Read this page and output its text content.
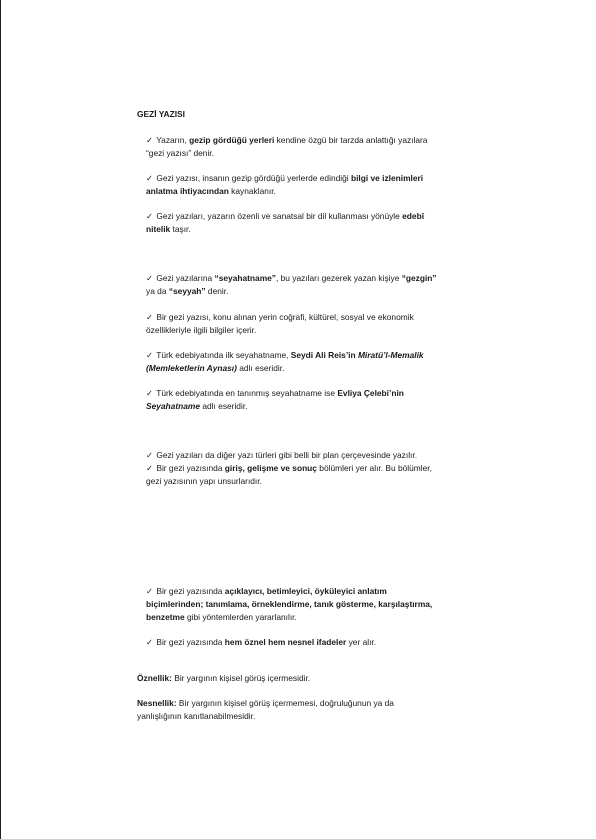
GEZİ YAZISI
✓ Yazarın, gezip gördüğü yerleri kendine özgü bir tarzda anlattığı yazılara “gezi yazısı” denir.
✓ Gezi yazısı, insanın gezip gördüğü yerlerde edindiği bilgi ve izlenimleri anlatma ihtiyacından kaynaklanır.
✓ Gezi yazıları, yazarın özenli ve sanatsal bir dil kullanması yönüyle edebî nitelik taşır.
✓ Gezi yazılarına “seyahatname”, bu yazıları gezerek yazan kişiye “gezgin” ya da “seyyah” denir.
✓ Bir gezi yazısı, konu alınan yerin coğrafi, kültürel, sosyal ve ekonomik özellikleriyle ilgili bilgiler içerir.
✓ Türk edebiyatında ilk seyahatname, Seydi Ali Reis’in Miratü’l-Memalik (Memleketlerin Aynası) adlı eseridir.
✓ Türk edebiyatında en tanınmış seyahatname ise Evliya Çelebi’nin Seyahatname adlı eseridir.
✓ Gezi yazıları da diğer yazı türleri gibi belli bir plan çerçevesinde yazılır.
✓ Bir gezi yazısında giriş, gelişme ve sonuç bölümleri yer alır. Bu bölümler, gezi yazısının yapı unsurlarıdır.
✓ Bir gezi yazısında açıklayıcı, betimleyici, öyküleyici anlatım biçimlerinden; tanımlama, örneklendirme, tanık gösterme, karşılaştırma, benzetme gibi yöntemlerden yararlanılır.
✓ Bir gezi yazısında hem öznel hem nesnel ifadeler yer alır.
Öznellik: Bir yargının kişisel görüş içermesidir.
Nesnellik: Bir yargının kişisel görüş içermemesi, doğruluğunun ya da yanlışlığının kanıtlanabilmesidir.
